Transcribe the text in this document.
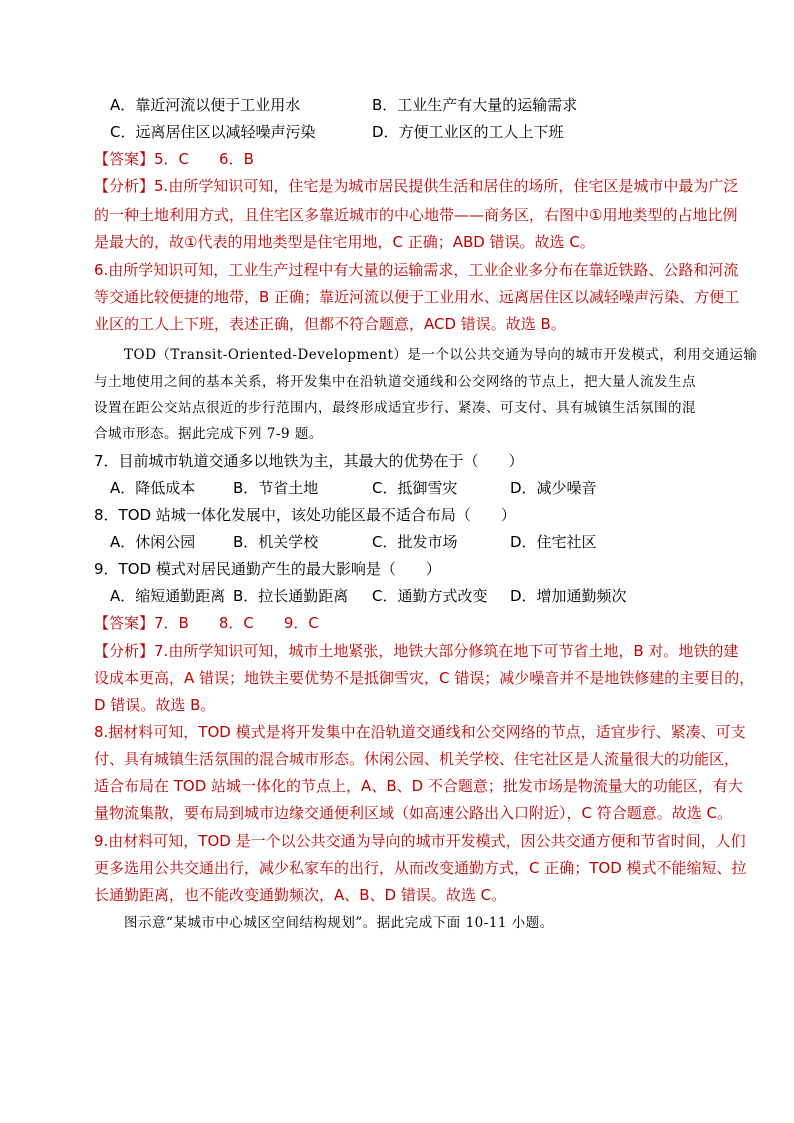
A．靠近河流以便于工业用水	B．工业生产有大量的运输需求
C．远离居住区以减轻噪声污染	D．方便工业区的工人上下班
【答案】5．C　　6．B
【分析】5.由所学知识可知，住宅是为城市居民提供生活和居住的场所，住宅区是城市中最为广泛
的一种土地利用方式，且住宅区多靠近城市的中心地带——商务区，右图中①用地类型的占地比例
是最大的，故①代表的用地类型是住宅用地，C 正确；ABD 错误。故选 C。
6.由所学知识可知，工业生产过程中有大量的运输需求，工业企业多分布在靠近铁路、公路和河流
等交通比较便捷的地带，B 正确；靠近河流以便于工业用水、远离居住区以减轻噪声污染、方便工
业区的工人上下班，表述正确，但都不符合题意，ACD 错误。故选 B。
TOD（Transit-Oriented-Development）是一个以公共交通为导向的城市开发模式，利用交通运输
与土地使用之间的基本关系，将开发集中在沿轨道交通线和公交网络的节点上，把大量人流发生点
设置在距公交站点很近的步行范围内，最终形成适宜步行、紧凑、可支付、具有城镇生活氛围的混
合城市形态。据此完成下列 7-9 题。
7．目前城市轨道交通多以地铁为主，其最大的优势在于（　　）
A．降低成本	B．节省土地	C．抵御雪灾	D．减少噪音
8．TOD 站城一体化发展中，该处功能区最不适合布局（　　）
A．休闲公园	B．机关学校	C．批发市场	D．住宅社区
9．TOD 模式对居民通勤产生的最大影响是（　　）
A．缩短通勤距离 B．拉长通勤距离 C．通勤方式改变 D．增加通勤频次
【答案】7．B　　8．C　　9．C
【分析】7.由所学知识可知，城市土地紧张，地铁大部分修筑在地下可节省土地，B 对。地铁的建
设成本更高，A 错误；地铁主要优势不是抵御雪灾，C 错误；减少噪音并不是地铁修建的主要目的，
D 错误。故选 B。
8.据材料可知，TOD 模式是将开发集中在沿轨道交通线和公交网络的节点，适宜步行、紧凑、可支
付、具有城镇生活氛围的混合城市形态。休闲公园、机关学校、住宅社区是人流量很大的功能区，
适合布局在 TOD 站城一体化的节点上，A、B、D 不合题意；批发市场是物流量大的功能区，有大
量物流集散，要布局到城市边缘交通便利区域（如高速公路出入口附近），C 符合题意。故选 C。
9.由材料可知，TOD 是一个以公共交通为导向的城市开发模式，因公共交通方便和节省时间，人们
更多选用公共交通出行，减少私家车的出行，从而改变通勤方式，C 正确；TOD 模式不能缩短、拉
长通勤距离，也不能改变通勤频次，A、B、D 错误。故选 C。
图示意“某城市中心城区空间结构规划”。据此完成下面 10-11 小题。
